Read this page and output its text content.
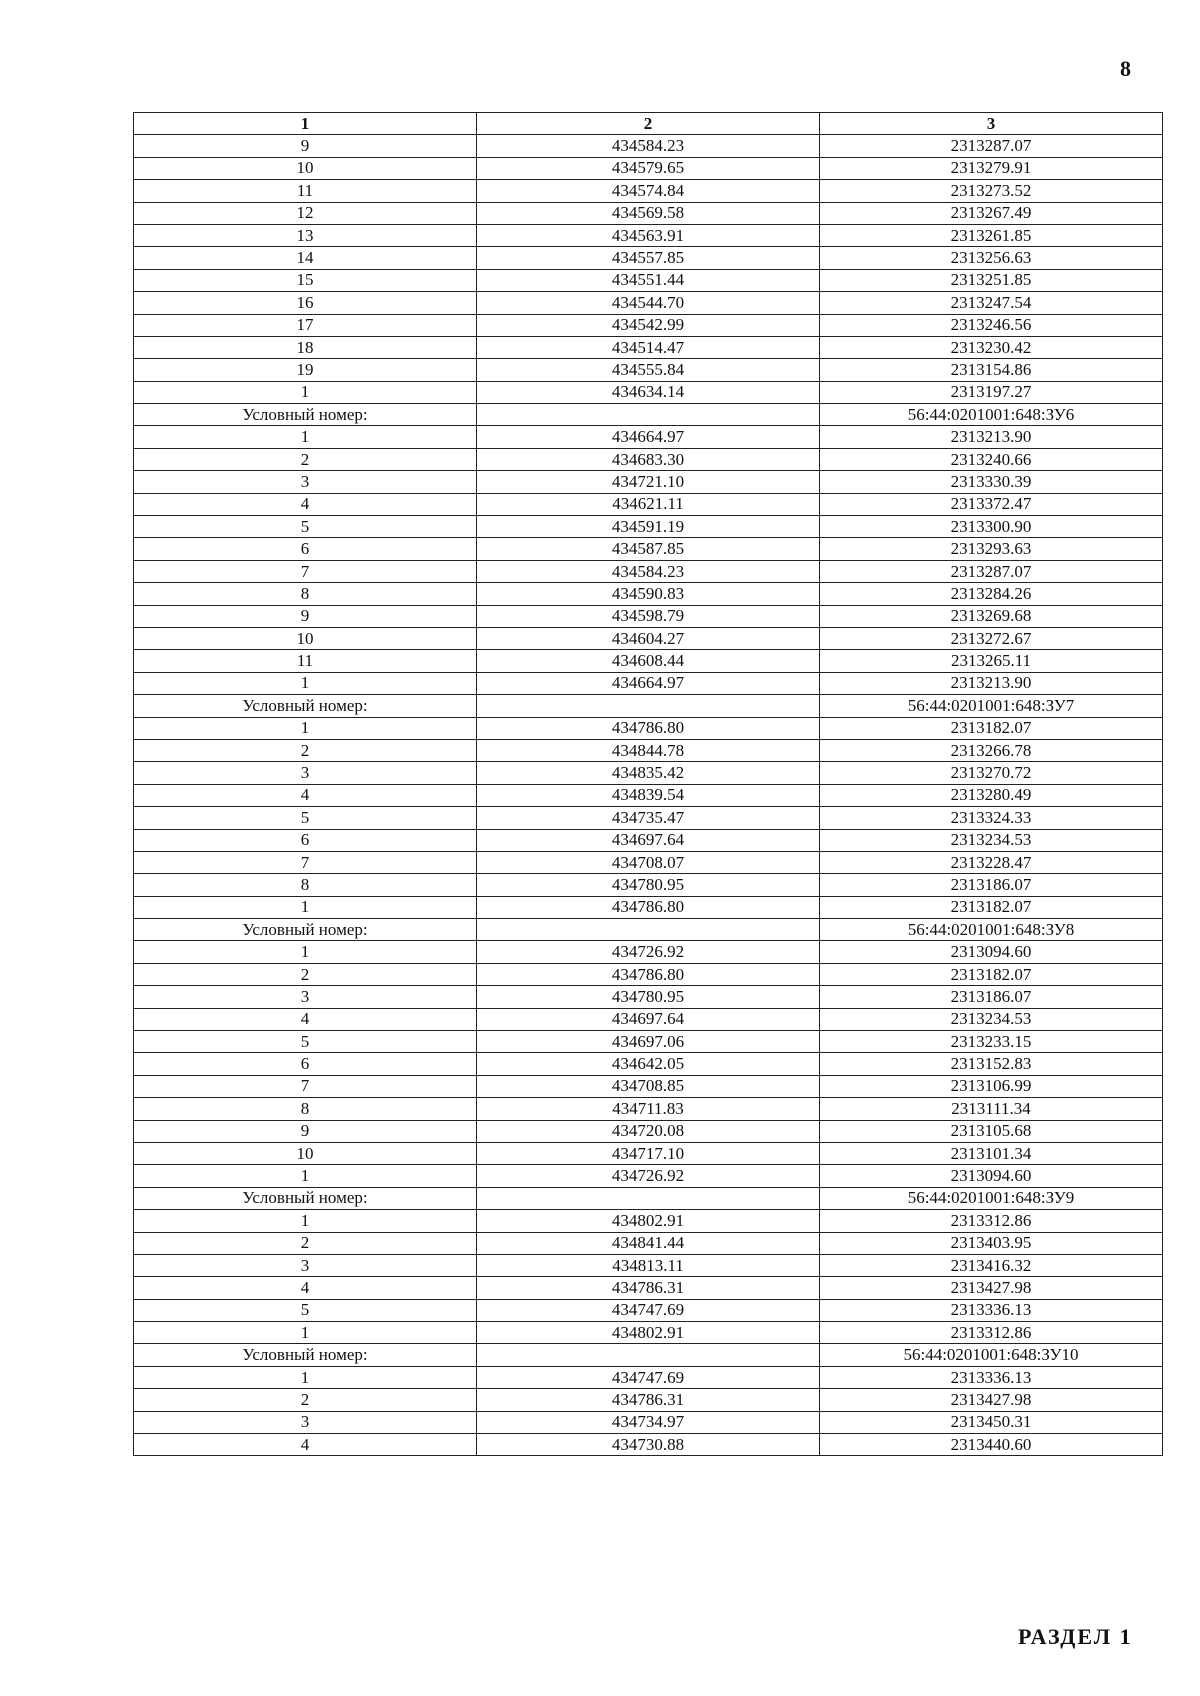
8
1	2	3
9	434584.23	2313287.07
10	434579.65	2313279.91
11	434574.84	2313273.52
12	434569.58	2313267.49
13	434563.91	2313261.85
14	434557.85	2313256.63
15	434551.44	2313251.85
16	434544.70	2313247.54
17	434542.99	2313246.56
18	434514.47	2313230.42
19	434555.84	2313154.86
1	434634.14	2313197.27
Условный номер:		56:44:0201001:648:ЗУ6
1	434664.97	2313213.90
2	434683.30	2313240.66
3	434721.10	2313330.39
4	434621.11	2313372.47
5	434591.19	2313300.90
6	434587.85	2313293.63
7	434584.23	2313287.07
8	434590.83	2313284.26
9	434598.79	2313269.68
10	434604.27	2313272.67
11	434608.44	2313265.11
1	434664.97	2313213.90
Условный номер:		56:44:0201001:648:ЗУ7
1	434786.80	2313182.07
2	434844.78	2313266.78
3	434835.42	2313270.72
4	434839.54	2313280.49
5	434735.47	2313324.33
6	434697.64	2313234.53
7	434708.07	2313228.47
8	434780.95	2313186.07
1	434786.80	2313182.07
Условный номер:		56:44:0201001:648:ЗУ8
1	434726.92	2313094.60
2	434786.80	2313182.07
3	434780.95	2313186.07
4	434697.64	2313234.53
5	434697.06	2313233.15
6	434642.05	2313152.83
7	434708.85	2313106.99
8	434711.83	2313111.34
9	434720.08	2313105.68
10	434717.10	2313101.34
1	434726.92	2313094.60
Условный номер:		56:44:0201001:648:ЗУ9
1	434802.91	2313312.86
2	434841.44	2313403.95
3	434813.11	2313416.32
4	434786.31	2313427.98
5	434747.69	2313336.13
1	434802.91	2313312.86
Условный номер:		56:44:0201001:648:ЗУ10
1	434747.69	2313336.13
2	434786.31	2313427.98
3	434734.97	2313450.31
4	434730.88	2313440.60
РАЗДЕЛ 1
